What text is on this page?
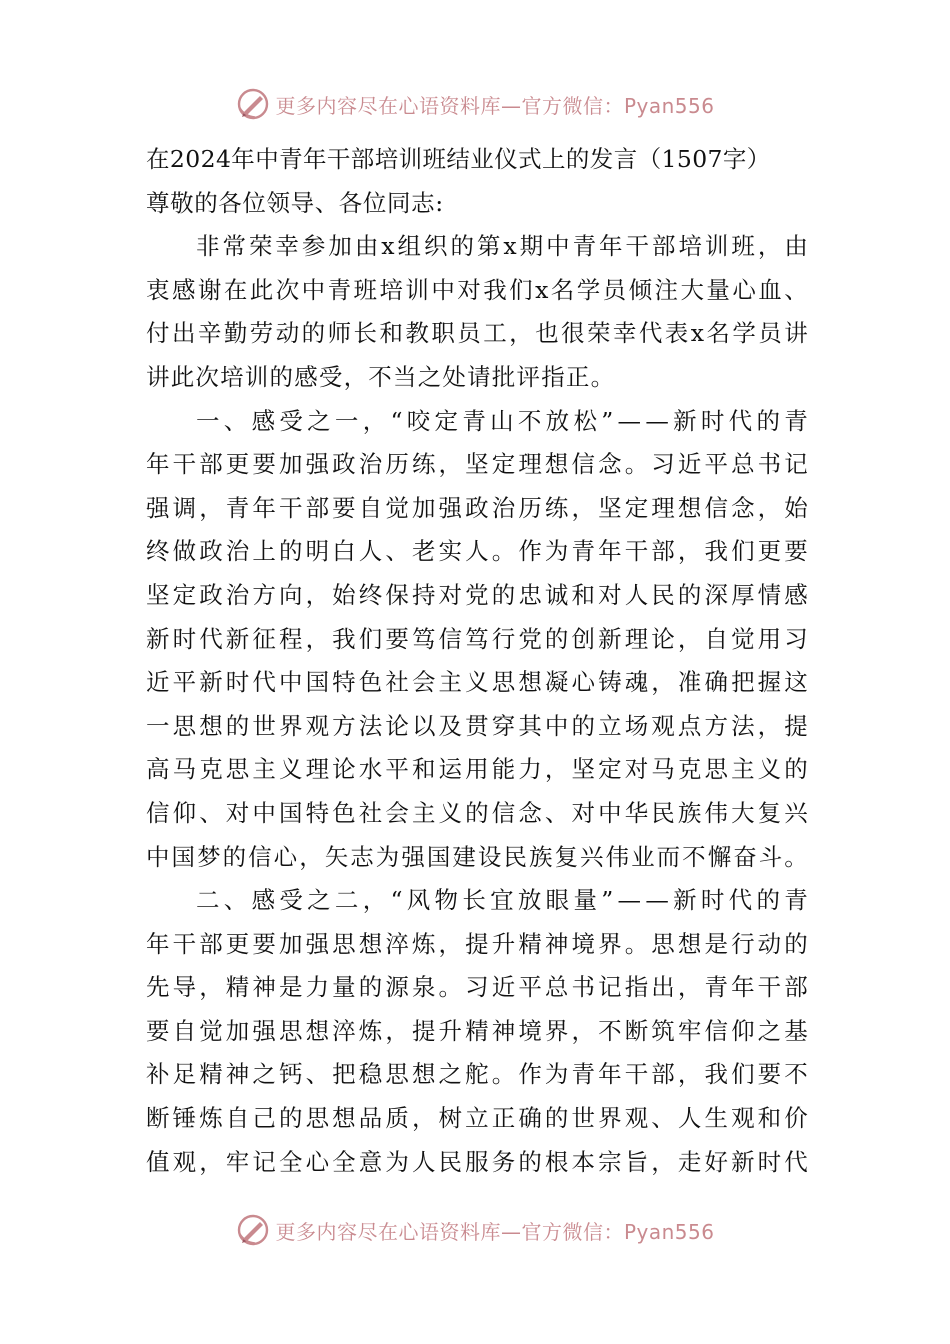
更多内容尽在心语资料库—官方微信：Pyan556
在2024年中青年干部培训班结业仪式上的发言（1507字）
尊敬的各位领导、各位同志:
非 常 荣 幸 参 加 由 x 组 织 的 第 x 期 中 青 年 干 部 培 训 班 ， 由
衷 感 谢 在 此 次 中 青 班 培 训 中 对 我 们 x 名 学 员 倾 注 大 量 心 血 、
付 出 辛 勤 劳 动 的 师 长 和 教 职 员 工 ， 也 很 荣 幸 代 表 x 名 学 员 讲
讲此次培训的感受，不当之处请批评指正。
一 、 感 受 之 一 ， “ 咬 定 青 山 不 放 松 ” — — 新 时 代 的 青
年 干 部 更 要 加 强 政 治 历 练 ， 坚 定 理 想 信 念 。 习 近 平 总 书 记
强 调 ， 青 年 干 部 要 自 觉 加 强 政 治 历 练 ， 坚 定 理 想 信 念 ， 始
终 做 政 治 上 的 明 白 人 、 老 实 人 。 作 为 青 年 干 部 ， 我 们 更 要
坚 定 政 治 方 向 ， 始 终 保 持 对 党 的 忠 诚 和 对 人 民 的 深 厚 情 感
新 时 代 新 征 程 ， 我 们 要 笃 信 笃 行 党 的 创 新 理 论 ， 自 觉 用 习
近 平 新 时 代 中 国 特 色 社 会 主 义 思 想 凝 心 铸 魂 ， 准 确 把 握 这
一 思 想 的 世 界 观 方 法 论 以 及 贯 穿 其 中 的 立 场 观 点 方 法 ， 提
高 马 克 思 主 义 理 论 水 平 和 运 用 能 力 ， 坚 定 对 马 克 思 主 义 的
信 仰 、 对 中 国 特 色 社 会 主 义 的 信 念 、 对 中 华 民 族 伟 大 复 兴
中 国 梦 的 信 心 ， 矢 志 为 强 国 建 设 民 族 复 兴 伟 业 而 不 懈 奋 斗 。
二 、 感 受 之 二 ， “ 风 物 长 宜 放 眼 量 ” — — 新 时 代 的 青
年 干 部 更 要 加 强 思 想 淬 炼 ， 提 升 精 神 境 界 。 思 想 是 行 动 的
先 导 ， 精 神 是 力 量 的 源 泉 。 习 近 平 总 书 记 指 出 ， 青 年 干 部
要 自 觉 加 强 思 想 淬 炼 ， 提 升 精 神 境 界 ， 不 断 筑 牢 信 仰 之 基
补 足 精 神 之 钙 、 把 稳 思 想 之 舵 。 作 为 青 年 干 部 ， 我 们 要 不
断 锤 炼 自 己 的 思 想 品 质 ， 树 立 正 确 的 世 界 观 、 人 生 观 和 价
值 观 ， 牢 记 全 心 全 意 为 人 民 服 务 的 根 本 宗 旨 ， 走 好 新 时 代
更多内容尽在心语资料库—官方微信：Pyan556
